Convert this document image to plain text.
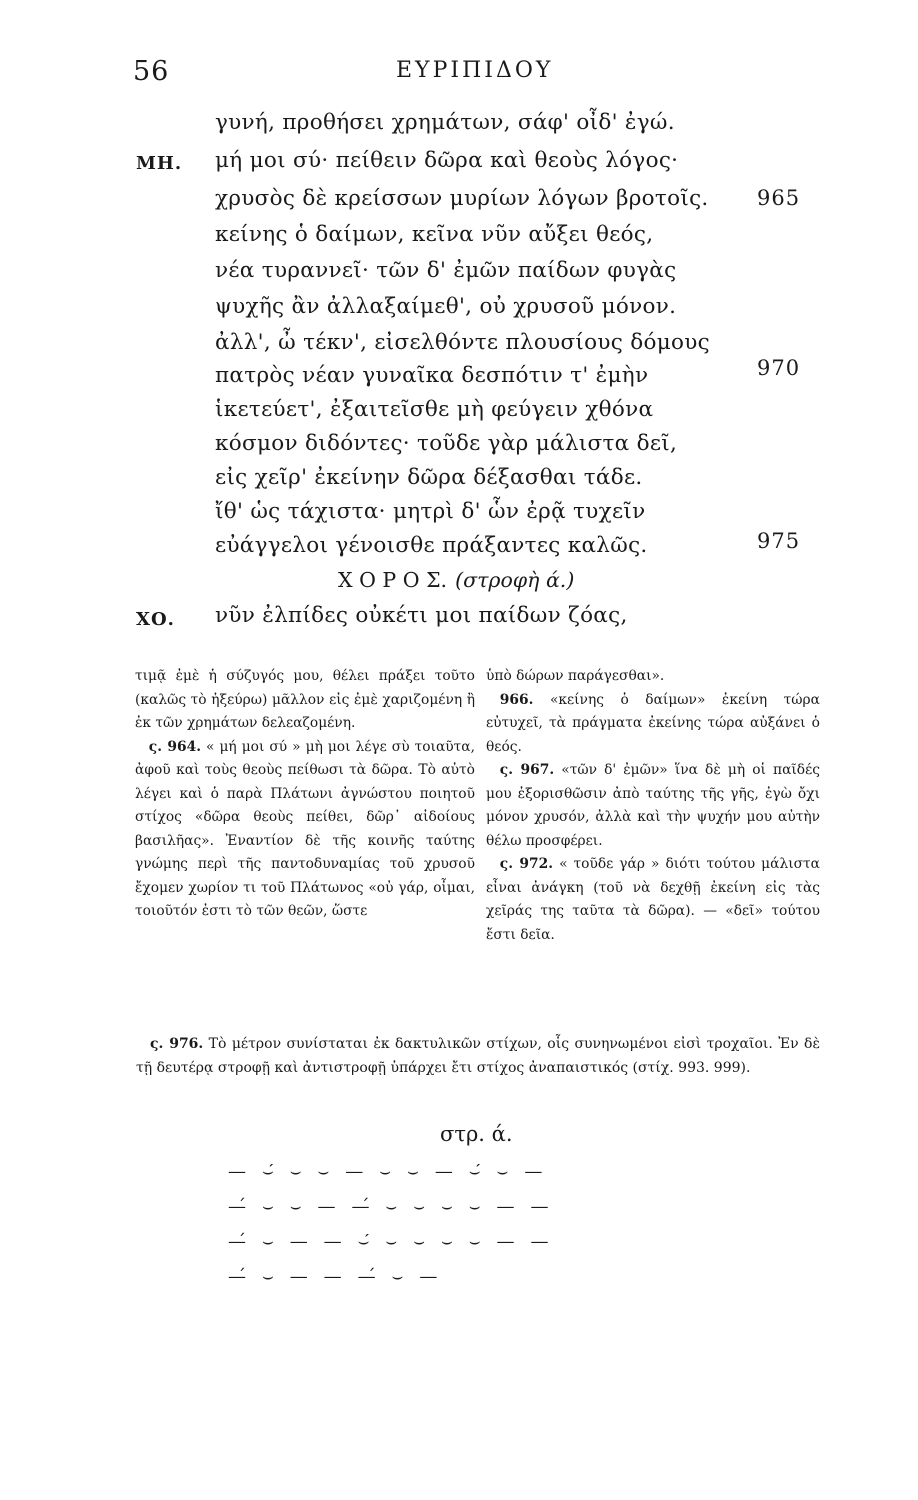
56	ΕΥΡΙΠΙΔΟΥ
γυνή, προθήσει χρημάτων, σάφ' οἶδ' ἐγώ.
ΜΗ. μή μοι σύ· πείθειν δῶρα καὶ θεοὺς λόγος·
χρυσὸς δὲ κρείσσων μυρίων λόγων βροτοῖς. 965
κείνης ὁ δαίμων, κεῖνα νῦν αὔξει θεός,
νέα τυραννεῖ· τῶν δ' ἐμῶν παίδων φυγὰς
ψυχῆς ἂν ἀλλαξαίμεθ', οὐ χρυσοῦ μόνον.
ἀλλ', ὦ τέκν', εἰσελθόντε πλουσίους δόμους
πατρὸς νέαν γυναῖκα δεσπότιν τ' ἐμὴν	970
ἱκετεύετ', ἐξαιτεῖσθε μὴ φεύγειν χθόνα
κόσμον διδόντες· τοῦδε γὰρ μάλιστα δεῖ,
εἰς χεῖρ' ἐκείνην δῶρα δέξασθαι τάδε.
ἴθ' ὡς τάχιστα· μητρὶ δ' ὧν ἐρᾷ τυχεῖν
εὐάγγελοι γένοισθε πράξαντες καλῶς.	975
Χ Ο Ρ Ο Σ. (στροφὴ ά.)
ΧΟ. νῦν ἐλπίδες οὐκέτι μοι παίδων ζόας,

τιμᾷ ἐμὲ ἡ σύζυγός μου, θέλει πράξει τοῦτο (καλῶς τὸ ἠξεύρω) μᾶλλον εἰς ἐμὲ χαριζομένη ἢ ἐκ τῶν χρημάτων δελεαζομένη.

 ς. 964. « μή μοι σύ » μὴ μοι λέγε σὺ τοιαῦτα, ἀφοῦ καὶ τοὺς θεοὺς πείθωσι τὰ δῶρα. Τὸ αὐτὸ λέγει καὶ ὁ παρὰ Πλάτωνι ἀγνώστου ποιητοῦ στίχος «δῶρα θεοὺς πείθει, δῶρ᾽ αἰδοίους βασιλῆας». Ἐναντίον δὲ τῆς κοινῆς ταύτης γνώμης περὶ τῆς παντοδυναμίας τοῦ χρυσοῦ ἔχομεν χωρίον τι τοῦ Πλάτωνος «οὐ γάρ, οἶμαι, τοιοῦτόν ἐστι τὸ τῶν θεῶν, ὥστε

ὑπὸ δώρων παράγεσθαι».

 966. «κείνης ὁ δαίμων» ἐκείνη τώρα εὐτυχεῖ, τὰ πράγματα ἐκείνης τώρα αὐξάνει ὁ θεός.

 ς. 967. «τῶν δ' ἐμῶν» ἵνα δὲ μὴ οἱ παῖδές μου ἐξορισθῶσιν ἀπὸ ταύτης τῆς γῆς, ἐγὼ ὄχι μόνον χρυσόν, ἀλλὰ καὶ τὴν ψυχήν μου αὐτὴν θέλω προσφέρει.

 ς. 972. « τοῦδε γάρ » διότι τούτου μάλιστα εἶναι ἀνάγκη (τοῦ νὰ δεχθῇ ἐκείνη εἰς τὰς χεῖράς της ταῦτα τὰ δῶρα). — «δεῖ» τούτου ἔστι δεῖα.

 ς. 976. Τὸ μέτρον συνίσταται ἐκ δακτυλικῶν στίχων, οἷς συνηνωμένοι εἰσὶ τροχαῖοι. Ἐν δὲ τῇ δευτέρᾳ στροφῇ καὶ ἀντιστροφῇ ὑπάρχει ἔτι στίχος ἀναπαιστικός (στίχ. 993. 999).

στρ. ά.
—  ⌣́  ⌣  ⌣  —  ⌣  ⌣  —  ⌣́  ⌣  —
—́  ⌣  ⌣  —  —́  ⌣  ⌣  ⌣  ⌣  —  —
—́  ⌣  —  —  ⌣́  ⌣  ⌣  ⌣  ⌣  —  —
—́  ⌣  —  —  —́  ⌣  —
